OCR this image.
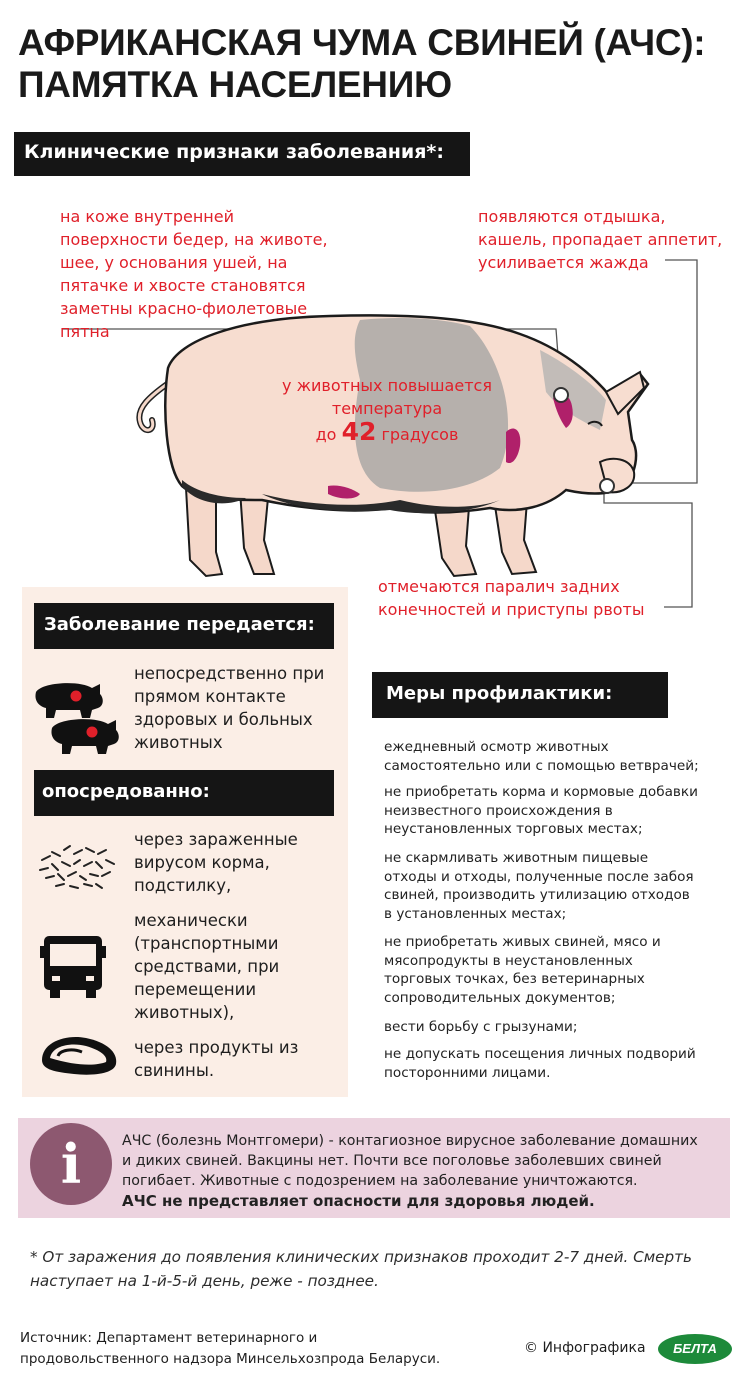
АФРИКАНСКАЯ ЧУМА СВИНЕЙ (АЧС):
ПАМЯТКА НАСЕЛЕНИЮ
Клинические признаки заболевания*:
на коже внутренней
поверхности бедер, на животе,
шее, у основания ушей, на
пятачке и хвосте становятся
заметны красно-фиолетовые
пятна
появляются отдышка,
кашель, пропадает аппетит,
усиливается жажда
у животных повышается
температура
до 42 градусов
отмечаются паралич задних
конечностей и приступы рвоты
Заболевание передается:
непосредственно при
прямом контакте
здоровых и больных
животных
опосредованно:
через зараженные
вирусом корма,
подстилку,
механически
(транспортными
средствами, при
перемещении
животных),
через продукты из
свинины.
Меры профилактики:
ежедневный осмотр животных
самостоятельно или с помощью ветврачей;
не приобретать корма и кормовые добавки
неизвестного происхождения в
неустановленных торговых местах;
не скармливать животным пищевые
отходы и отходы, полученные после забоя
свиней, производить утилизацию отходов
в установленных местах;
не приобретать живых свиней, мясо и
мясопродукты в неустановленных
торговых точках, без ветеринарных
сопроводительных документов;
вести борьбу с грызунами;
не допускать посещения личных подворий
посторонними лицами.
i	АЧС (болезнь Монтгомери) - контагиозное вирусное заболевание домашних
и диких свиней. Вакцины нет. Почти все поголовье заболевших свиней
погибает. Животные с подозрением на заболевание уничтожаются.
АЧС не представляет опасности для здоровья людей.
* От заражения до появления клинических признаков проходит 2-7 дней. Смерть
наступает на 1-й-5-й день, реже - позднее.
Источник: Департамент ветеринарного и
продовольственного надзора Минсельхозпрода Беларуси.
© Инфографика	БЕЛТА
